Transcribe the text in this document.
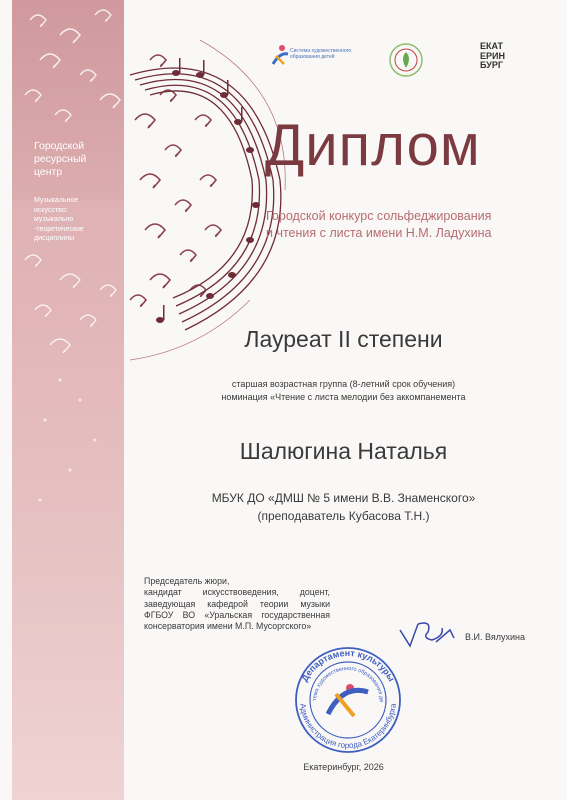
Городской
ресурсный
центр
Музыкальное
искусство:
музыкально
-теоретические
дисциплины
Система художественного образования детей
ЕКАТ
ЕРИН
БУРГ
Диплом
Городской конкурс сольфеджирования
и чтения с листа имени Н.М. Ладухина
Лауреат II степени
старшая возрастная группа (8-летний срок обучения)
номинация «Чтение с листа мелодии без аккомпанемента
Шалюгина Наталья
МБУК ДО «ДМШ № 5 имени В.В. Знаменского»
(преподаватель Кубасова Т.Н.)
Председатель жюри,
кандидат искусствоведения, доцент,
заведующая кафедрой теории музыки
ФГБОУ ВО «Уральская государственная
консерватория имени М.П. Мусоргского»
В.И. Вялухина
Департамент культуры
тема художественного образования де
Администрация города Екатеринбурга
Екатеринбург, 2026
